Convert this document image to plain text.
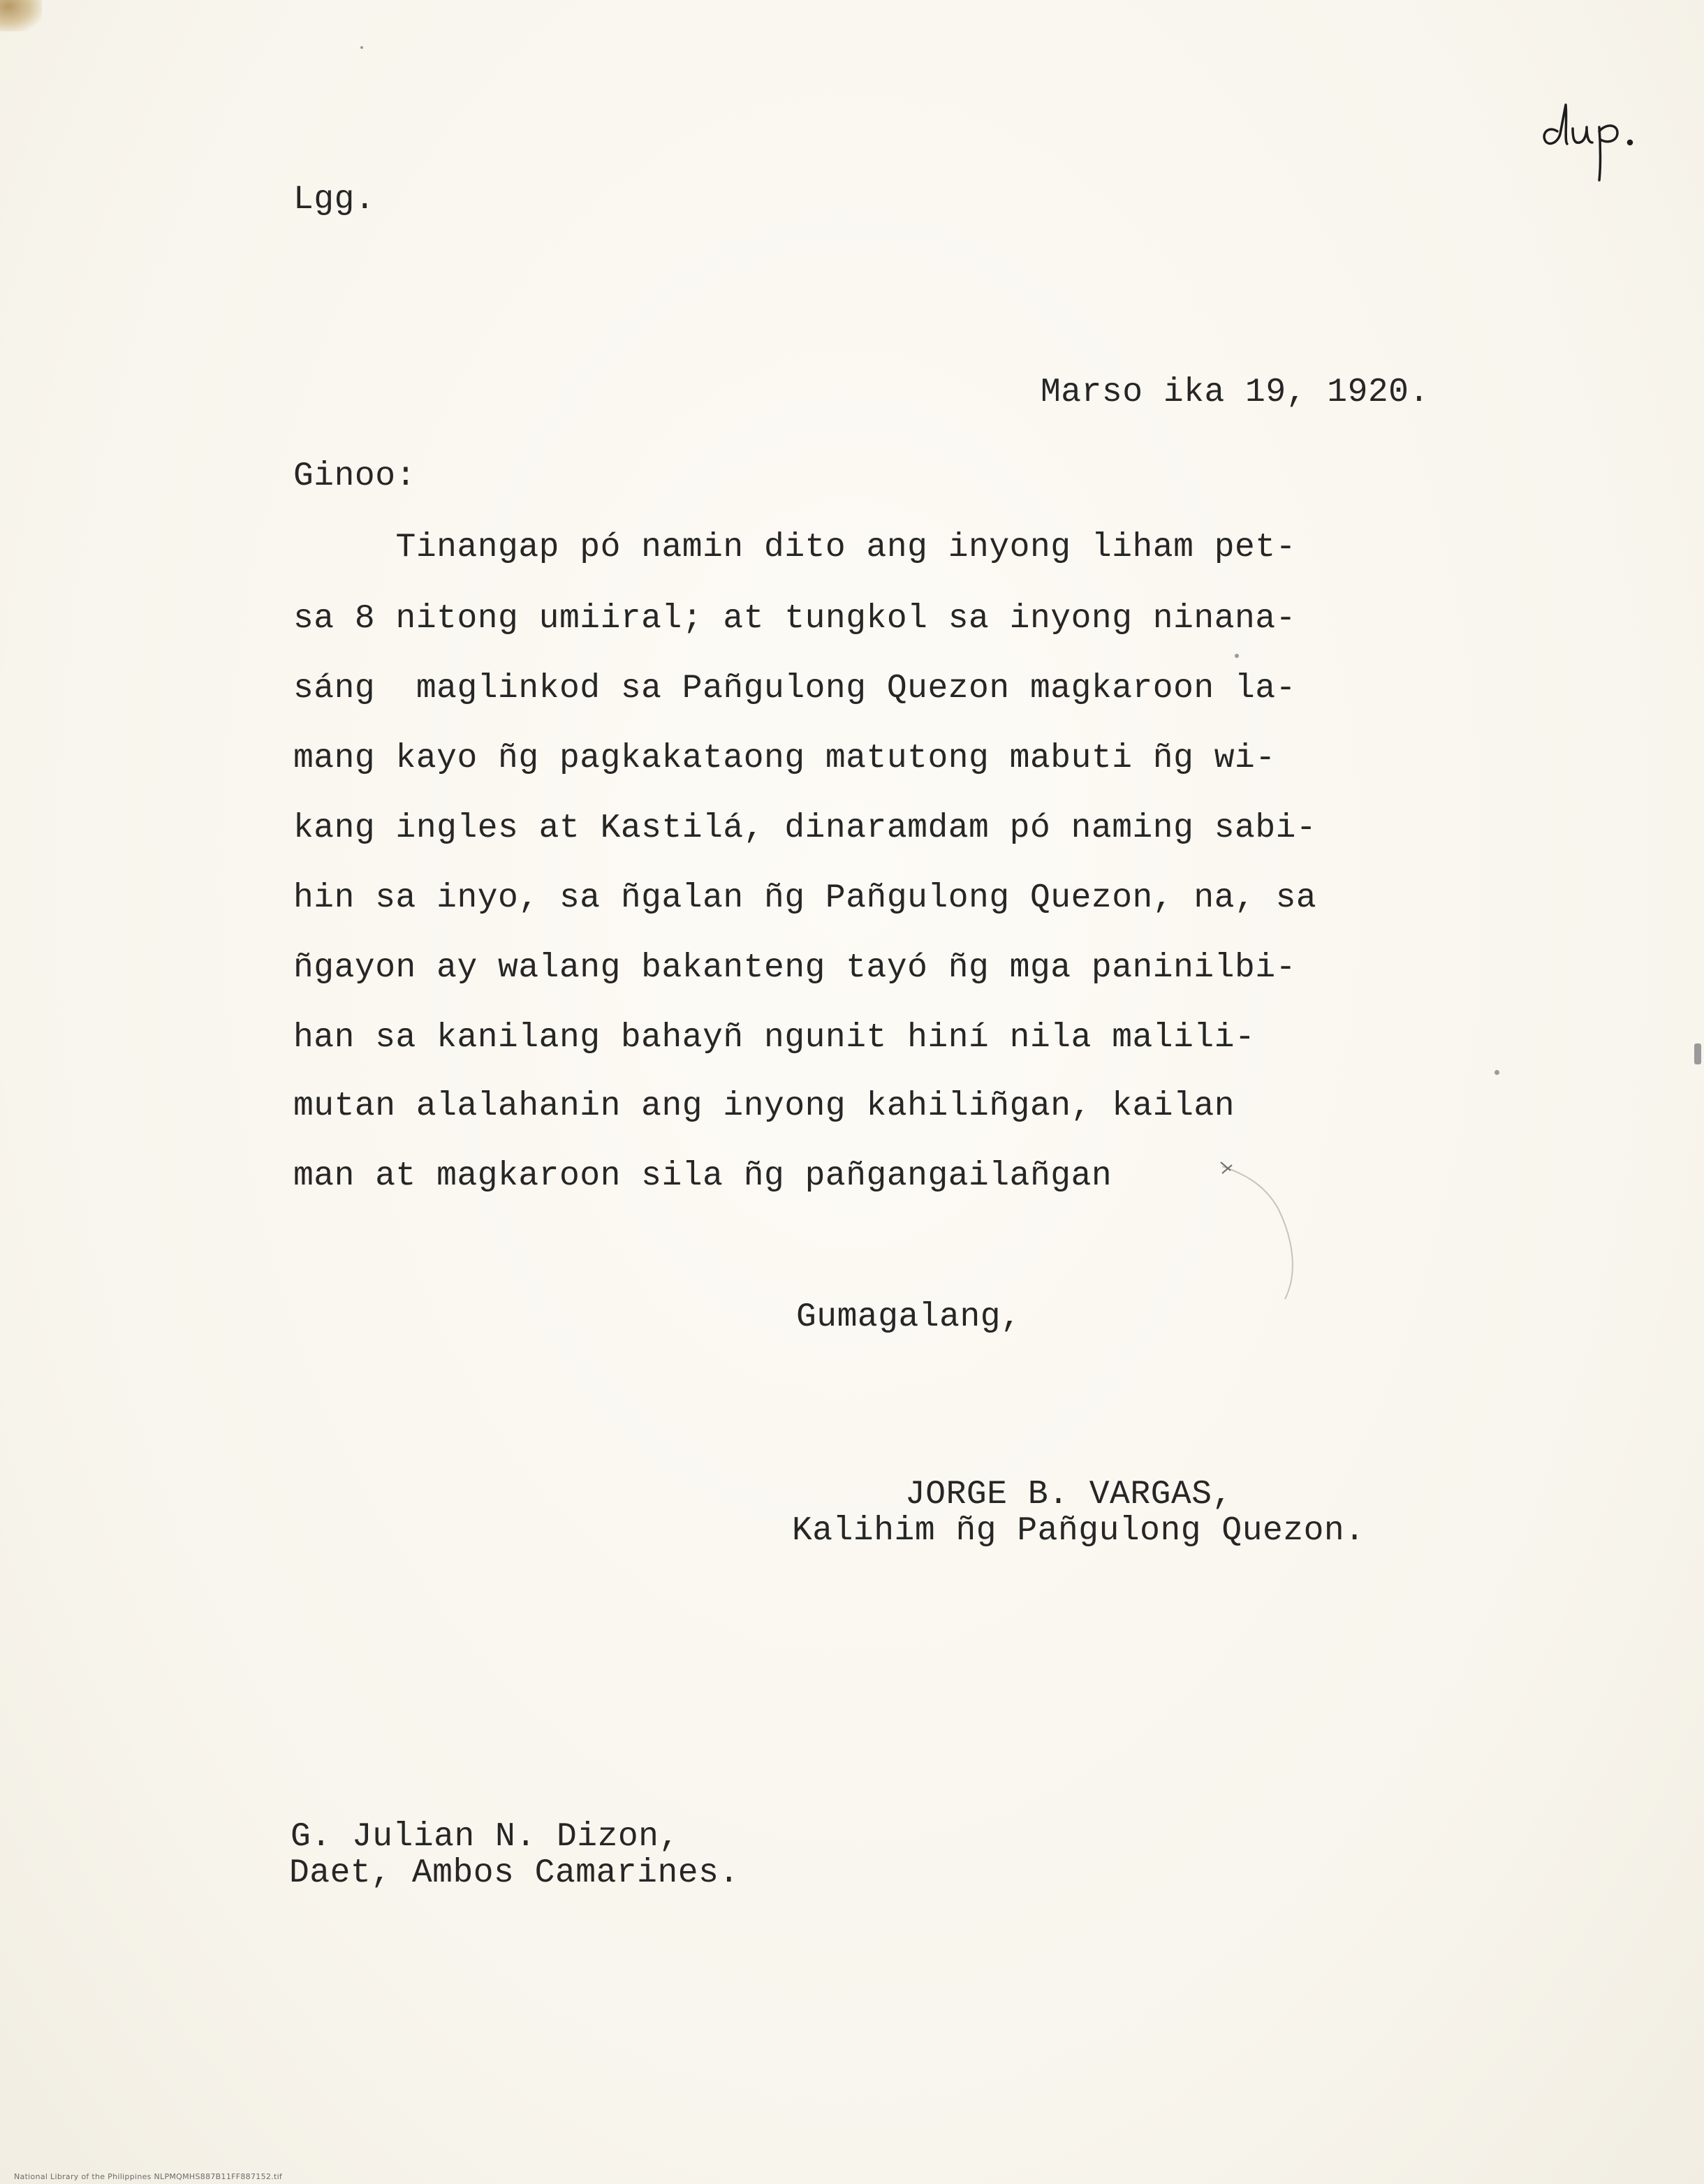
Lgg.
Marso ika 19, 1920.
Ginoo:
Tinangap pó namin dito ang inyong liham pet-
sa 8 nitong umiiral; at tungkol sa inyong ninana-
sáng  maglinkod sa Pañgulong Quezon magkaroon la-
mang kayo ñg pagkakataong matutong mabuti ñg wi-
kang ingles at Kastilá, dinaramdam pó naming sabi-
hin sa inyo, sa ñgalan ñg Pañgulong Quezon, na, sa
ñgayon ay walang bakanteng tayó ñg mga paninilbi-
han sa kanilang bahayñ ngunit hiní nila malili-
mutan alalahanin ang inyong kahiliñgan, kailan
man at magkaroon sila ñg pañgangailañgan
Gumagalang,
JORGE B. VARGAS,
Kalihim ñg Pañgulong Quezon.
G. Julian N. Dizon,
Daet, Ambos Camarines.
National Library of the Philippines NLPMQMHS887B11FF887152.tif
